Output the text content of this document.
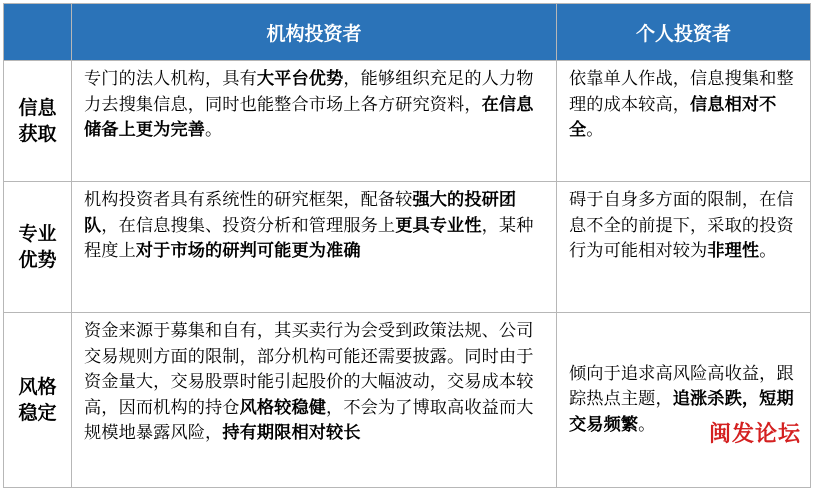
	机构投资者	个人投资者

信息
获取	专门的法人机构，具有大平台优势，能够组织充足的人力物力去搜集信息，同时也能整合市场上各方研究资料，在信息储备上更为完善。	依靠单人作战，信息搜集和整理的成本较高，信息相对不全。

专业
优势	机构投资者具有系统性的研究框架，配备较强大的投研团队，在信息搜集、投资分析和管理服务上更具专业性，某种程度上对于市场的研判可能更为准确	碍于自身多方面的限制，在信息不全的前提下，采取的投资行为可能相对较为非理性。

风格
稳定	资金来源于募集和自有，其买卖行为会受到政策法规、公司交易规则方面的限制，部分机构可能还需要披露。同时由于资金量大，交易股票时能引起股价的大幅波动，交易成本较高，因而机构的持仓风格较稳健，不会为了博取高收益而大规模地暴露风险，持有期限相对较长	倾向于追求高风险高收益，跟踪热点主题，追涨杀跌，短期交易频繁。 闽发论坛
